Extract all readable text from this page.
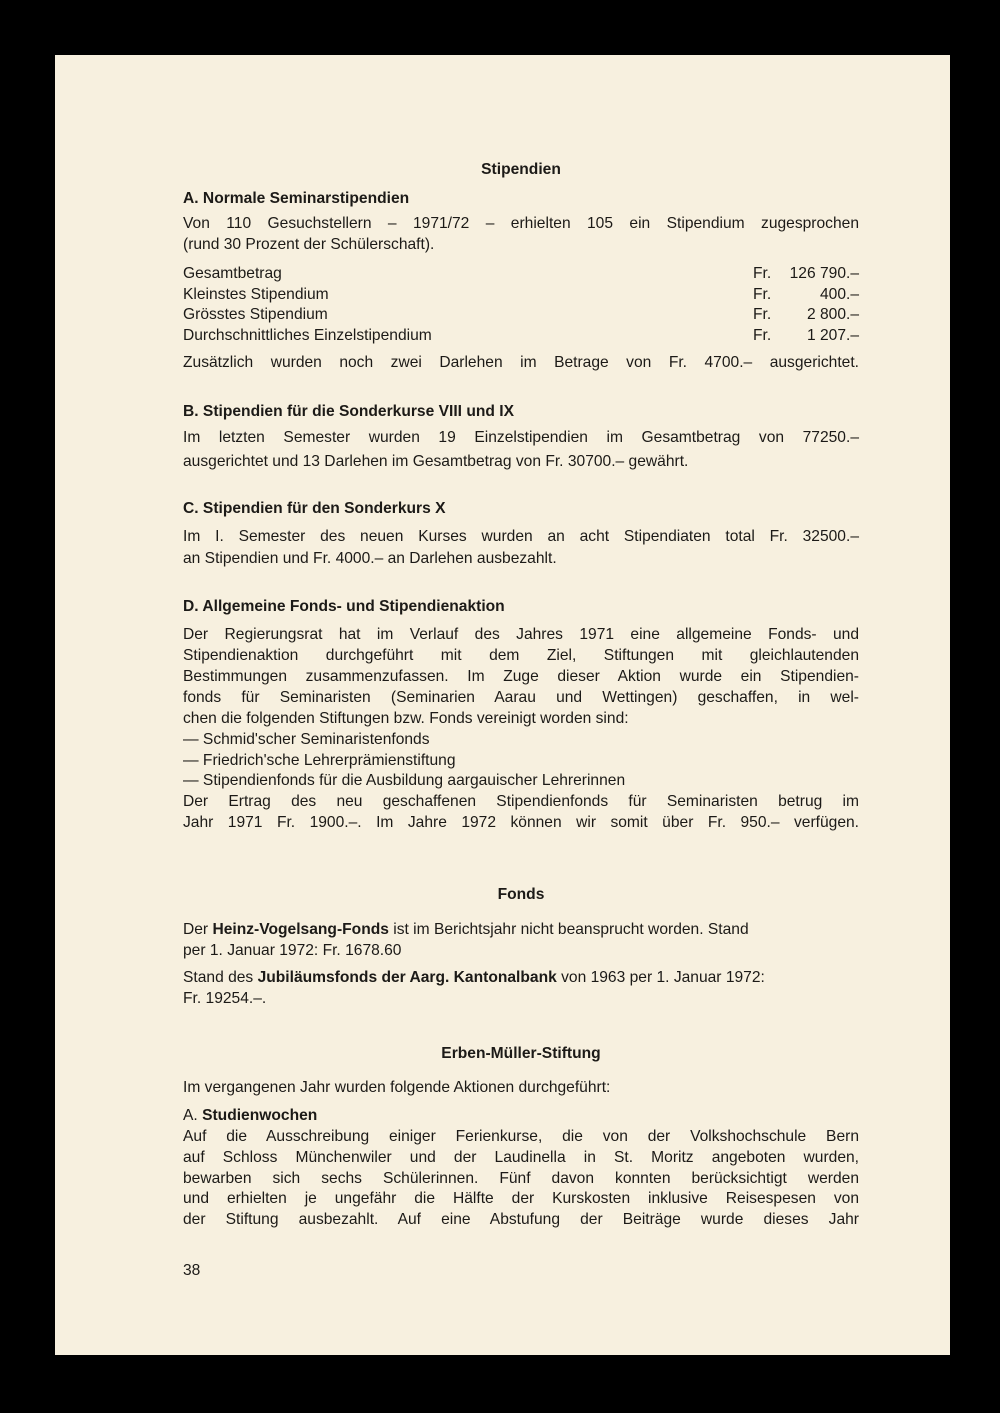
Stipendien

A. Normale Seminarstipendien

Von 110 Gesuchstellern – 1971/72 – erhielten 105 ein Stipendium zugesprochen

(rund 30 Prozent der Schülerschaft).

Gesamtbetrag	Fr. 126 790.–
Kleinstes Stipendium	Fr.	400.–
Grösstes Stipendium	Fr. 2 800.–
Durchschnittliches Einzelstipendium	Fr. 1 207.–

Zusätzlich wurden noch zwei Darlehen im Betrage von Fr. 4700.– ausgerichtet.

B. Stipendien für die Sonderkurse VIII und IX

Im letzten Semester wurden 19 Einzelstipendien im Gesamtbetrag von 77250.–

ausgerichtet und 13 Darlehen im Gesamtbetrag von Fr. 30700.– gewährt.

C. Stipendien für den Sonderkurs X

Im I. Semester des neuen Kurses wurden an acht Stipendiaten total Fr. 32500.–

an Stipendien und Fr. 4000.– an Darlehen ausbezahlt.

D. Allgemeine Fonds- und Stipendienaktion

Der Regierungsrat hat im Verlauf des Jahres 1971 eine allgemeine Fonds- und

Stipendienaktion durchgeführt mit dem Ziel, Stiftungen mit gleichlautenden

Bestimmungen zusammenzufassen. Im Zuge dieser Aktion wurde ein Stipendien-

fonds für Seminaristen (Seminarien Aarau und Wettingen) geschaffen, in wel-

chen die folgenden Stiftungen bzw. Fonds vereinigt worden sind:

— Schmid'scher Seminaristenfonds

— Friedrich'sche Lehrerprämienstiftung

— Stipendienfonds für die Ausbildung aargauischer Lehrerinnen

Der Ertrag des neu geschaffenen Stipendienfonds für Seminaristen betrug im

Jahr 1971 Fr. 1900.–. Im Jahre 1972 können wir somit über Fr. 950.– verfügen.

Fonds

Der Heinz-Vogelsang-Fonds ist im Berichtsjahr nicht beansprucht worden. Stand

per 1. Januar 1972: Fr. 1678.60

Stand des Jubiläumsfonds der Aarg. Kantonalbank von 1963 per 1. Januar 1972:

Fr. 19254.–.

Erben-Müller-Stiftung

Im vergangenen Jahr wurden folgende Aktionen durchgeführt:

A. Studienwochen

Auf die Ausschreibung einiger Ferienkurse, die von der Volkshochschule Bern

auf Schloss Münchenwiler und der Laudinella in St. Moritz angeboten wurden,

bewarben sich sechs Schülerinnen. Fünf davon konnten berücksichtigt werden

und erhielten je ungefähr die Hälfte der Kurskosten inklusive Reisespesen von

der Stiftung ausbezahlt. Auf eine Abstufung der Beiträge wurde dieses Jahr

38
